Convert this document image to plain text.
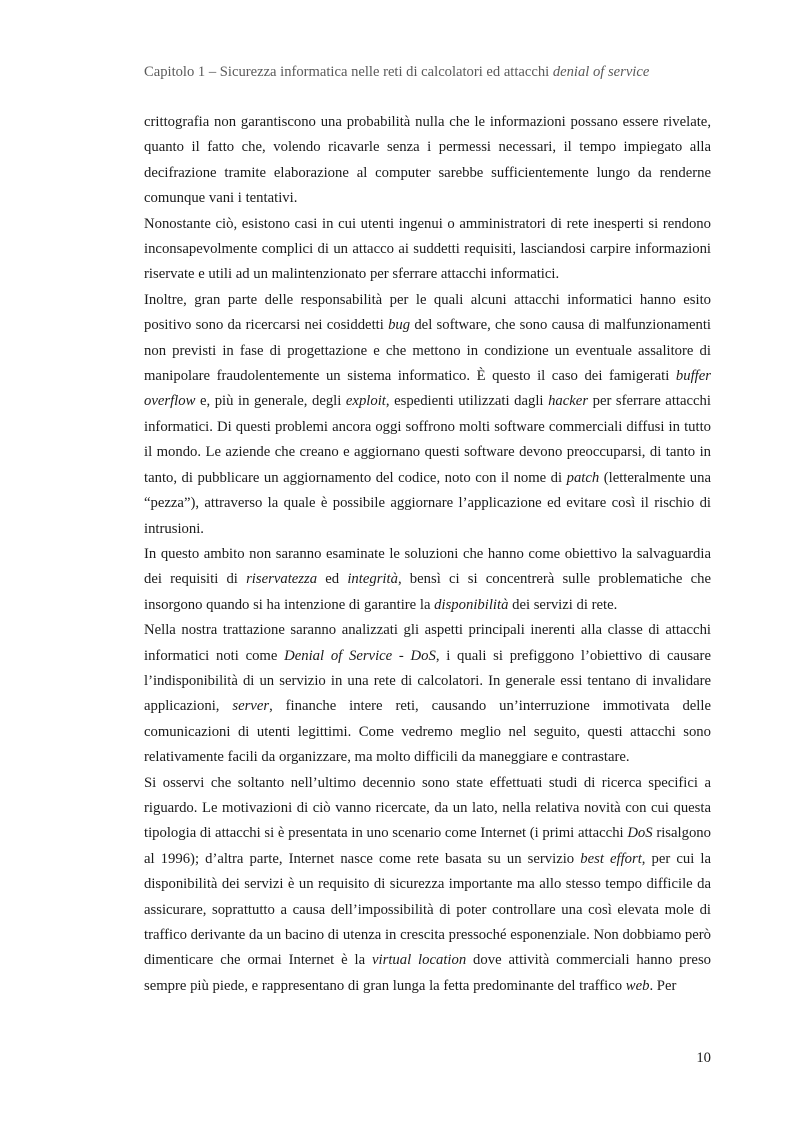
Capitolo 1 – Sicurezza informatica nelle reti di calcolatori ed attacchi denial of service

crittografia non garantiscono una probabilità nulla che le informazioni possano essere rivelate, quanto il fatto che, volendo ricavarle senza i permessi necessari, il tempo impiegato alla decifrazione tramite elaborazione al computer sarebbe sufficientemente lungo da renderne comunque vani i tentativi.

Nonostante ciò, esistono casi in cui utenti ingenui o amministratori di rete inesperti si rendono inconsapevolmente complici di un attacco ai suddetti requisiti, lasciandosi carpire informazioni riservate e utili ad un malintenzionato per sferrare attacchi informatici.

Inoltre, gran parte delle responsabilità per le quali alcuni attacchi informatici hanno esito positivo sono da ricercarsi nei cosiddetti bug del software, che sono causa di malfunzionamenti non previsti in fase di progettazione e che mettono in condizione un eventuale assalitore di manipolare fraudolentemente un sistema informatico. È questo il caso dei famigerati buffer overflow e, più in generale, degli exploit, espedienti utilizzati dagli hacker per sferrare attacchi informatici. Di questi problemi ancora oggi soffrono molti software commerciali diffusi in tutto il mondo. Le aziende che creano e aggiornano questi software devono preoccuparsi, di tanto in tanto, di pubblicare un aggiornamento del codice, noto con il nome di patch (letteralmente una “pezza”), attraverso la quale è possibile aggiornare l’applicazione ed evitare così il rischio di intrusioni.

In questo ambito non saranno esaminate le soluzioni che hanno come obiettivo la salvaguardia dei requisiti di riservatezza ed integrità, bensì ci si concentrerà sulle problematiche che insorgono quando si ha intenzione di garantire la disponibilità dei servizi di rete.

Nella nostra trattazione saranno analizzati gli aspetti principali inerenti alla classe di attacchi informatici noti come Denial of Service - DoS, i quali si prefiggono l’obiettivo di causare l’indisponibilità di un servizio in una rete di calcolatori. In generale essi tentano di invalidare applicazioni, server, finanche intere reti, causando un’interruzione immotivata delle comunicazioni di utenti legittimi. Come vedremo meglio nel seguito, questi attacchi sono relativamente facili da organizzare, ma molto difficili da maneggiare e contrastare.

Si osservi che soltanto nell’ultimo decennio sono state effettuati studi di ricerca specifici a riguardo. Le motivazioni di ciò vanno ricercate, da un lato, nella relativa novità con cui questa tipologia di attacchi si è presentata in uno scenario come Internet (i primi attacchi DoS risalgono al 1996); d’altra parte, Internet nasce come rete basata su un servizio best effort, per cui la disponibilità dei servizi è un requisito di sicurezza importante ma allo stesso tempo difficile da assicurare, soprattutto a causa dell’impossibilità di poter controllare una così elevata mole di traffico derivante da un bacino di utenza in crescita pressoché esponenziale. Non dobbiamo però dimenticare che ormai Internet è la virtual location dove attività commerciali hanno preso sempre più piede, e rappresentano di gran lunga la fetta predominante del traffico web. Per

10
